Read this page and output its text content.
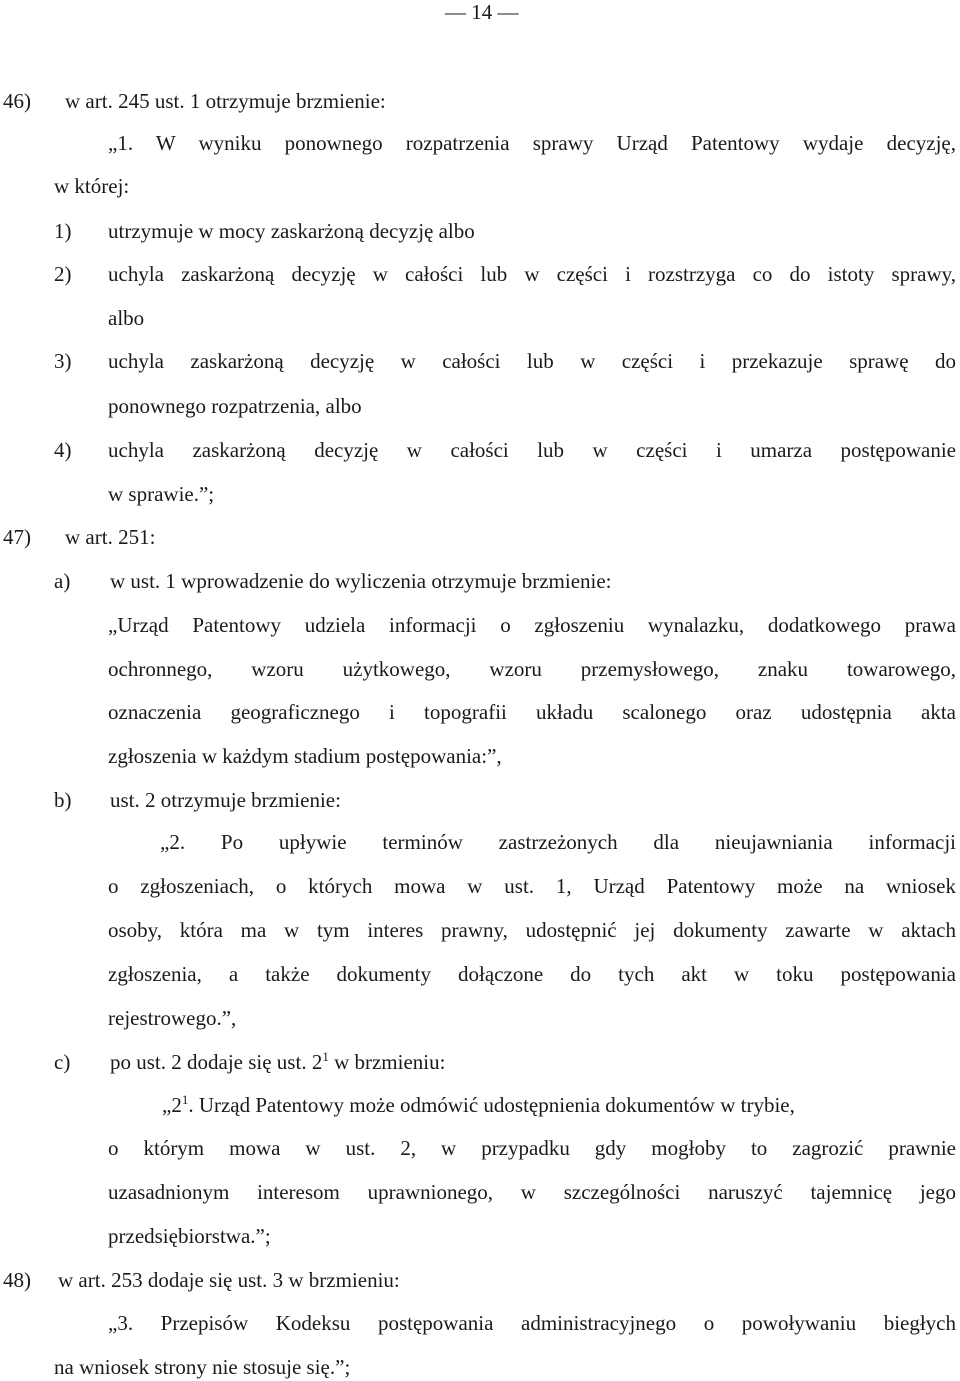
— 14 —
46) w art. 245 ust. 1 otrzymuje brzmienie:
„1. W wyniku ponownego rozpatrzenia sprawy Urząd Patentowy wydaje decyzję,
w której:
1) utrzymuje w mocy zaskarżoną decyzję albo
2) uchyla zaskarżoną decyzję w całości lub w części i rozstrzyga co do istoty sprawy,
albo
3) uchyla zaskarżoną decyzję w całości lub w części i przekazuje sprawę do
ponownego rozpatrzenia, albo
4) uchyla zaskarżoną decyzję w całości lub w części i umarza postępowanie
w sprawie.”;
47) w art. 251:
a) w ust. 1 wprowadzenie do wyliczenia otrzymuje brzmienie:
„Urząd Patentowy udziela informacji o zgłoszeniu wynalazku, dodatkowego prawa
ochronnego, wzoru użytkowego, wzoru przemysłowego, znaku towarowego,
oznaczenia geograficznego i topografii układu scalonego oraz udostępnia akta
zgłoszenia w każdym stadium postępowania:”,
b) ust. 2 otrzymuje brzmienie:
„2. Po upływie terminów zastrzeżonych dla nieujawniania informacji
o zgłoszeniach, o których mowa w ust. 1, Urząd Patentowy może na wniosek
osoby, która ma w tym interes prawny, udostępnić jej dokumenty zawarte w aktach
zgłoszenia, a także dokumenty dołączone do tych akt w toku postępowania
rejestrowego.”,
c) po ust. 2 dodaje się ust. $2^1$ w brzmieniu:
$„2^1$. Urząd Patentowy może odmówić udostępnienia dokumentów w trybie,
o którym mowa w ust. 2, w przypadku gdy mogłoby to zagrozić prawnie
uzasadnionym interesom uprawnionego, w szczególności naruszyć tajemnicę jego
przedsiębiorstwa.”;
48) w art. 253 dodaje się ust. 3 w brzmieniu:
„3. Przepisów Kodeksu postępowania administracyjnego o powoływaniu biegłych
na wniosek strony nie stosuje się.”;
